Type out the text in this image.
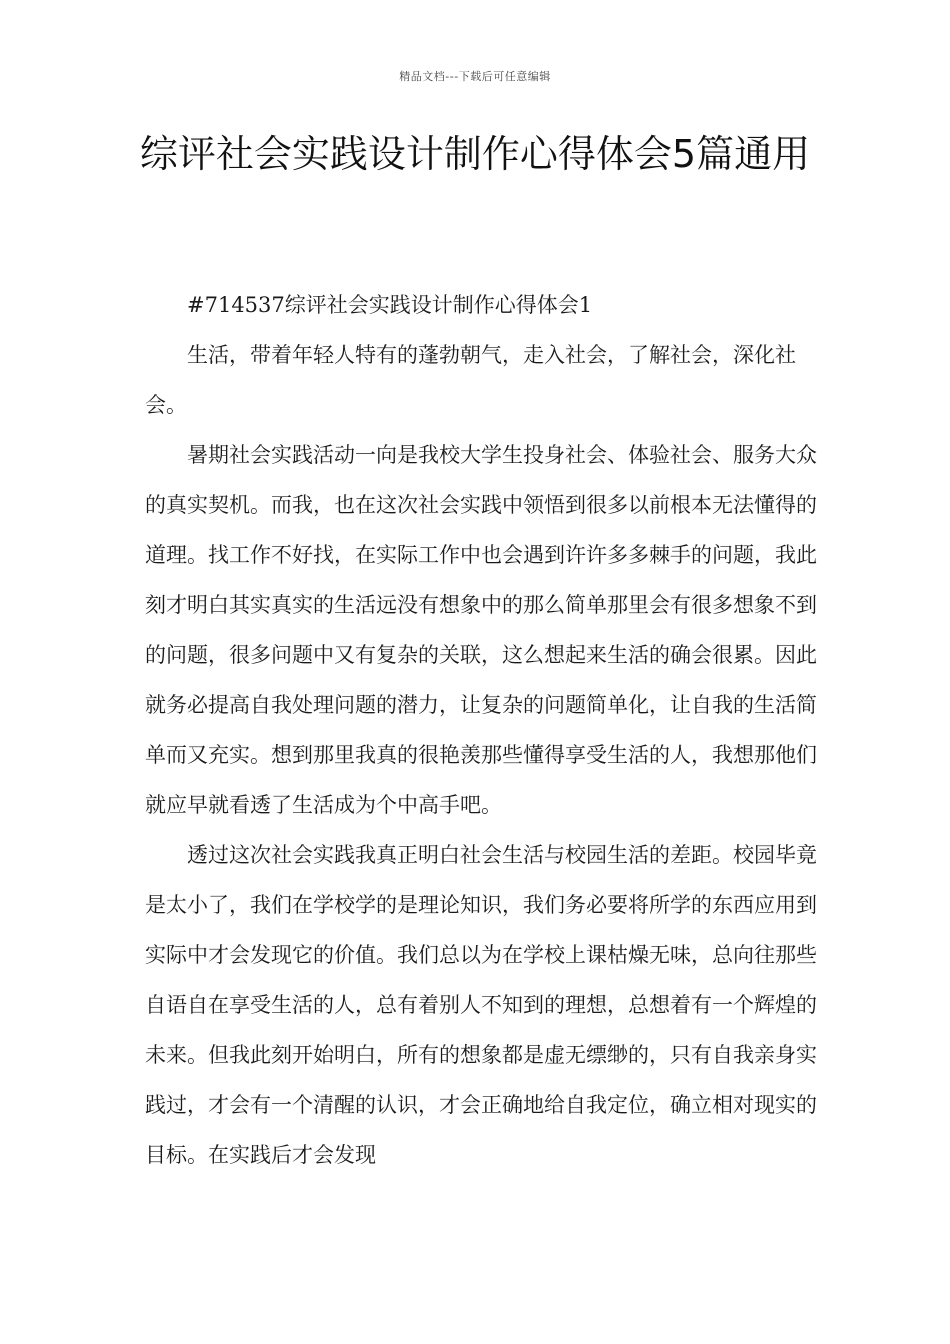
精品文档---下载后可任意编辑
综评社会实践设计制作心得体会5篇通用

#714537综评社会实践设计制作心得体会1

生活，带着年轻人特有的蓬勃朝气，走入社会，了解社会，深化社会。

暑期社会实践活动一向是我校大学生投身社会、体验社会、服务大众的真实契机。而我，也在这次社会实践中领悟到很多以前根本无法懂得的道理。找工作不好找，在实际工作中也会遇到许许多多棘手的问题，我此刻才明白其实真实的生活远没有想象中的那么简单那里会有很多想象不到的问题，很多问题中又有复杂的关联，这么想起来生活的确会很累。因此就务必提高自我处理问题的潜力，让复杂的问题简单化，让自我的生活简单而又充实。想到那里我真的很艳羡那些懂得享受生活的人，我想那他们就应早就看透了生活成为个中高手吧。

透过这次社会实践我真正明白社会生活与校园生活的差距。校园毕竟是太小了，我们在学校学的是理论知识，我们务必要将所学的东西应用到实际中才会发现它的价值。我们总以为在学校上课枯燥无味，总向往那些自语自在享受生活的人，总有着别人不知到的理想，总想着有一个辉煌的未来。但我此刻开始明白，所有的想象都是虚无缥缈的，只有自我亲身实践过，才会有一个清醒的认识，才会正确地给自我定位，确立相对现实的目标。在实践后才会发现
